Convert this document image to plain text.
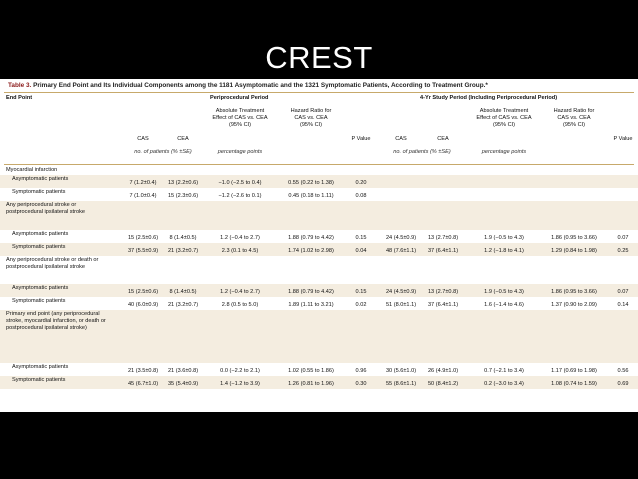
CREST
Table 3. Primary End Point and Its Individual Components among the 1181 Asymptomatic and the 1321 Symptomatic Patients, According to Treatment Group.*
End Point	Periprocedural Period	4-Yr Study Period (Including Periprocedural Period)
Absolute Treatment
Effect of CAS vs. CEA
(95% CI)
Hazard Ratio for
CAS vs. CEA
(95% CI)
CAS	CEA	P Value
no. of patients (% ±SE)	percentage points
Absolute Treatment
Effect of CAS vs. CEA
(95% CI)
Hazard Ratio for
CAS vs. CEA
(95% CI)
CAS	CEA	P Value
no. of patients (% ±SE)	percentage points
Myocardial infarction
Asymptomatic patients
7 (1.2±0.4)	13 (2.2±0.6)	−1.0 (−2.5 to 0.4)	0.55 (0.22 to 1.38)	0.20
Symptomatic patients
7 (1.0±0.4)	15 (2.3±0.6)	−1.2 (−2.6 to 0.1)	0.45 (0.18 to 1.11)	0.08
Any periprocedural stroke or postprocedural ipsilateral stroke
Asymptomatic patients
15 (2.5±0.6)	8 (1.4±0.5)	1.2 (−0.4 to 2.7)	1.88 (0.79 to 4.42)	0.15	24 (4.5±0.9)	13 (2.7±0.8)	1.9 (−0.5 to 4.3)	1.86 (0.95 to 3.66)	0.07
Symptomatic patients
37 (5.5±0.9)	21 (3.2±0.7)	2.3 (0.1 to 4.5)	1.74 (1.02 to 2.98)	0.04	48 (7.6±1.1)	37 (6.4±1.1)	1.2 (−1.8 to 4.1)	1.29 (0.84 to 1.98)	0.25
Any periprocedural stroke or death or postprocedural ipsilateral stroke
Asymptomatic patients
15 (2.5±0.6)	8 (1.4±0.5)	1.2 (−0.4 to 2.7)	1.88 (0.79 to 4.42)	0.15	24 (4.5±0.9)	13 (2.7±0.8)	1.9 (−0.5 to 4.3)	1.86 (0.95 to 3.66)	0.07
Symptomatic patients
40 (6.0±0.9)	21 (3.2±0.7)	2.8 (0.5 to 5.0)	1.89 (1.11 to 3.21)	0.02	51 (8.0±1.1)	37 (6.4±1.1)	1.6 (−1.4 to 4.6)	1.37 (0.90 to 2.09)	0.14
Primary end point (any periprocedural stroke, myocardial infarction, or death or postprocedural ipsilateral stroke)
Asymptomatic patients
21 (3.5±0.8)	21 (3.6±0.8)	0.0 (−2.2 to 2.1)	1.02 (0.55 to 1.86)	0.96	30 (5.6±1.0)	26 (4.9±1.0)	0.7 (−2.1 to 3.4)	1.17 (0.69 to 1.98)	0.56
Symptomatic patients
45 (6.7±1.0)	35 (5.4±0.9)	1.4 (−1.2 to 3.9)	1.26 (0.81 to 1.96)	0.30	55 (8.6±1.1)	50 (8.4±1.2)	0.2 (−3.0 to 3.4)	1.08 (0.74 to 1.59)	0.69
